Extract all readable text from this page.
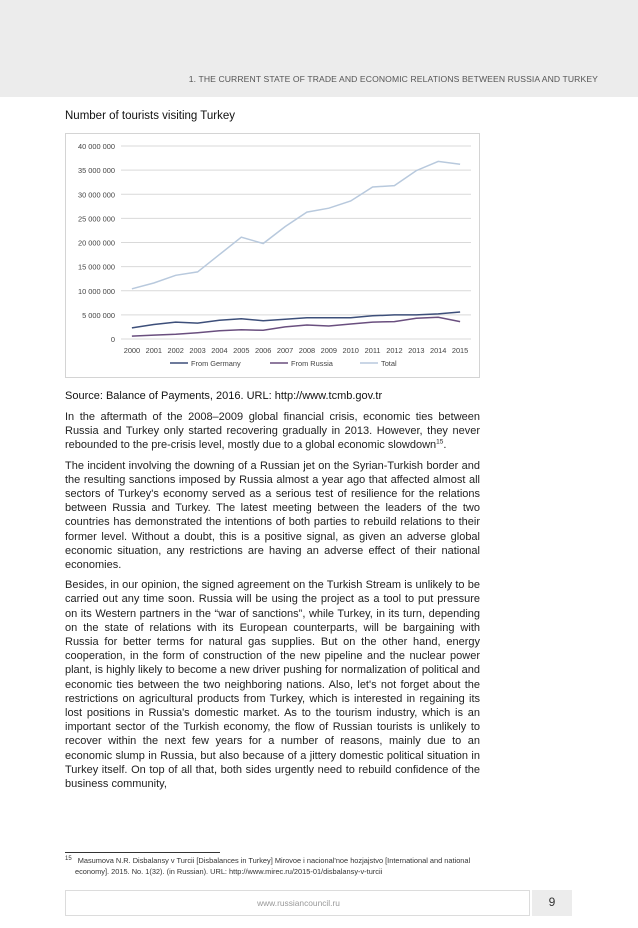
1. THE CURRENT STATE OF TRADE AND ECONOMIC RELATIONS BETWEEN RUSSIA AND TURKEY
Number of tourists visiting Turkey
0
5 000 000
10 000 000
15 000 000
20 000 000
25 000 000
30 000 000
35 000 000
40 000 000
2000 2001 2002 2003 2004 2005 2006 2007 2008 2009 2010 2011 2012 2013 2014 2015
From Germany	From Russia	Total
Source: Balance of Payments, 2016. URL: http://www.tcmb.gov.tr

In the aftermath of the 2008–2009 global financial crisis, economic ties between Russia and Turkey only started recovering gradually in 2013. However, they never rebounded to the pre-crisis level, mostly due to a global economic slowdown$^{15}$.

The incident involving the downing of a Russian jet on the Syrian-Turkish border and the resulting sanctions imposed by Russia almost a year ago that affected almost all sectors of Turkey's economy served as a serious test of resilience for the relations between Russia and Turkey. The latest meeting between the leaders of the two countries has demonstrated the intentions of both parties to rebuild relations to their former level. Without a doubt, this is a positive signal, as given an adverse global economic situation, any restrictions are having an adverse effect of their national economies.

Besides, in our opinion, the signed agreement on the Turkish Stream is unlikely to be carried out any time soon. Russia will be using the project as a tool to put pressure on its Western partners in the “war of sanctions”, while Turkey, in its turn, depending on the state of relations with its European counterparts, will be bargaining with Russia for better terms for natural gas supplies. But on the other hand, energy cooperation, in the form of construction of the new pipeline and the nuclear power plant, is highly likely to become a new driver pushing for normalization of political and economic ties between the two neighboring nations. Also, let's not forget about the restrictions on agricultural products from Turkey, which is interested in regaining its lost positions in Russia's domestic market. As to the tourism industry, which is an important sector of the Turkish economy, the flow of Russian tourists is unlikely to recover within the next few years for a number of reasons, mainly due to an economic slump in Russia, but also because of a jittery domestic political situation in Turkey itself. On top of all that, both sides urgently need to rebuild confidence of the business community,

$^{15}$ Masumova N.R. Disbalansy v Turcii [Disbalances in Turkey] Mirovoe i nacional'noe hozjajstvo [International and national economy]. 2015. No. 1(32). (in Russian). URL: http://www.mirec.ru/2015-01/disbalansy-v-turcii
www.russiancouncil.ru	9
